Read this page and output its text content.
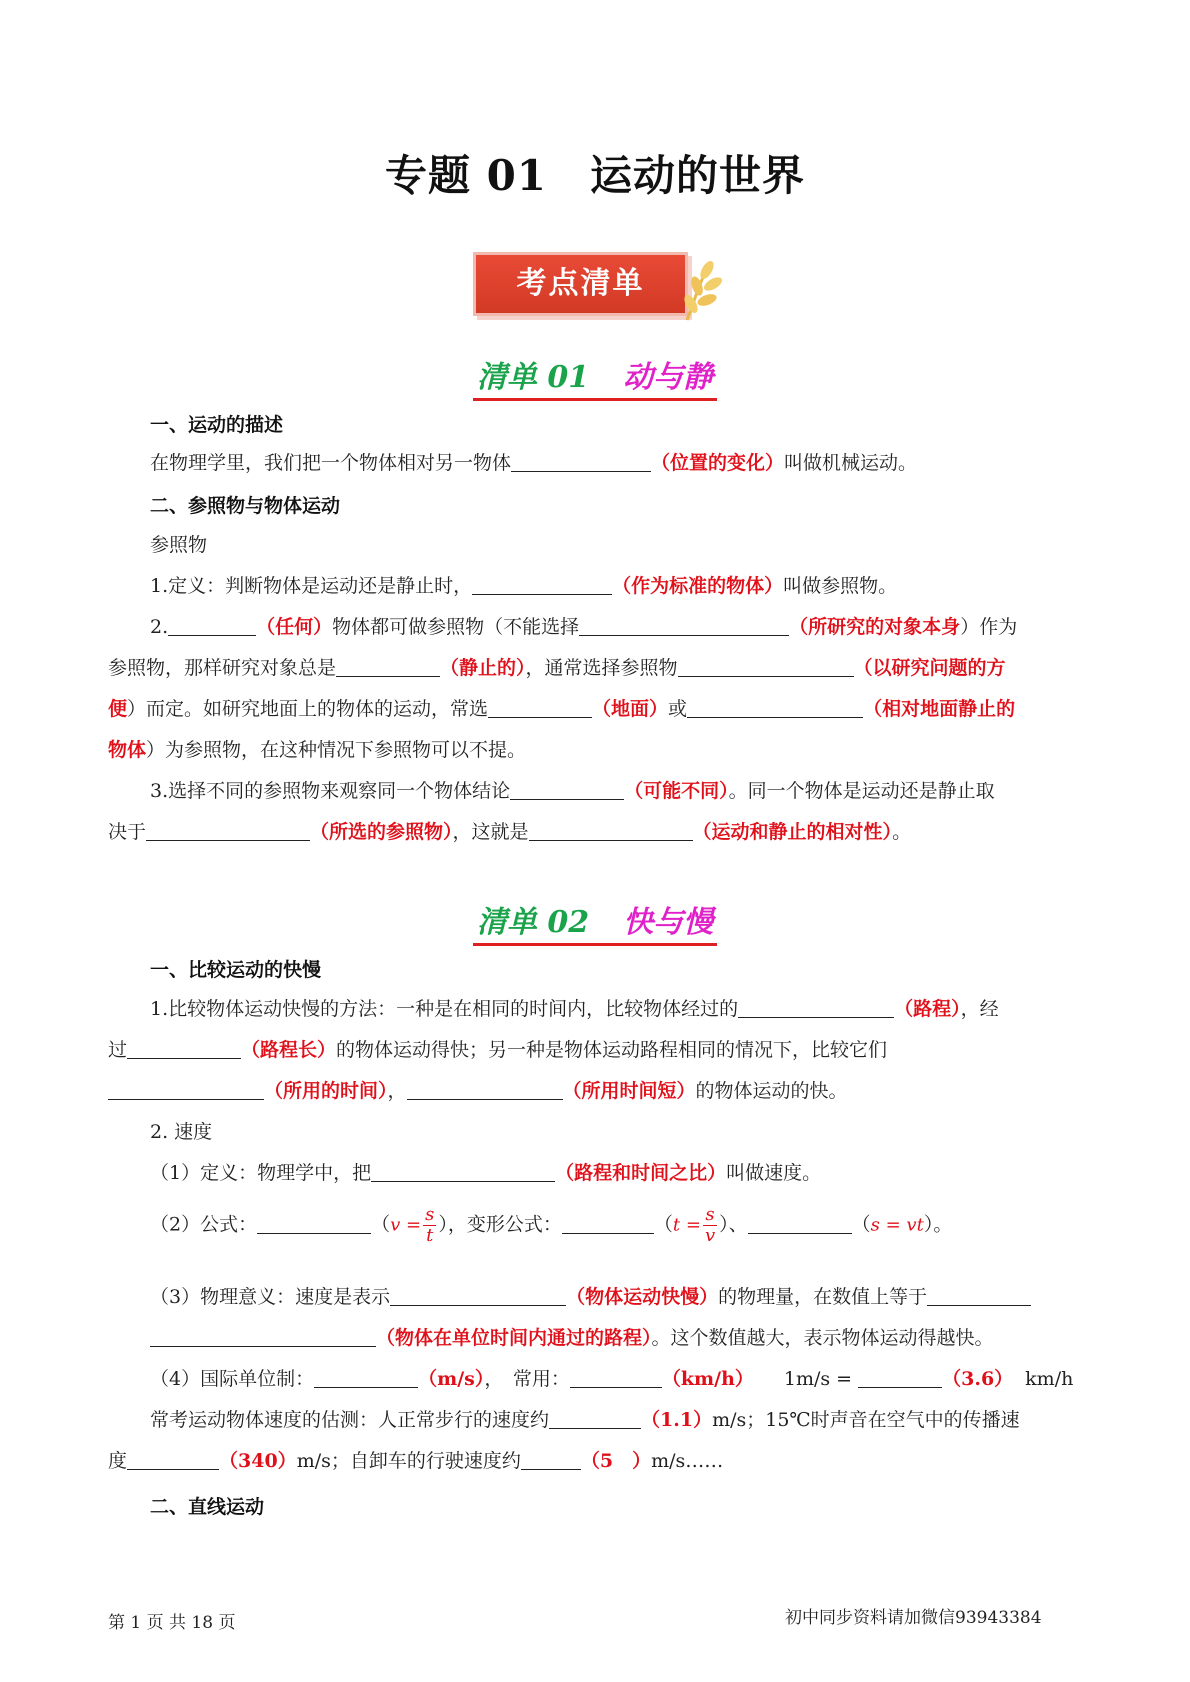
专题 01　运动的世界
考点清单
清单 01 动与静
一、运动的描述
在物理学里，我们把一个物体相对另一物体	（位置的变化）叫做机械运动。
二、参照物与物体运动
参照物
1.定义：判断物体是运动还是静止时，	（作为标准的物体）叫做参照物。
2.	（任何）物体都可做参照物（不能选择	（所研究的对象本身）作为
参照物，那样研究对象总是	（静止的），通常选择参照物	（以研究问题的方
便）而定。如研究地面上的物体的运动，常选	（地面）或	（相对地面静止的
物体）为参照物，在这种情况下参照物可以不提。
3.选择不同的参照物来观察同一个物体结论	（可能不同）。同一个物体是运动还是静止取
决于	（所选的参照物），这就是	（运动和静止的相对性）。
清单 02 快与慢
一、比较运动的快慢
1.比较物体运动快慢的方法：一种是在相同的时间内，比较物体经过的	（路程），经
过	（路程长）的物体运动得快；另一种是物体运动路程相同的情况下，比较它们
（所用的时间），	（所用时间短）的物体运动的快。
2. 速度
（1）定义：物理学中，把	（路程和时间之比）叫做速度。
（2）公式：	（$v = \frac{s}{t}$ ），变形公式：	（$t = \frac{s}{v}$ ）、	（s = vt）。
（3）物理意义：速度是表示	（物体运动快慢）的物理量，在数值上等于
（物体在单位时间内通过的路程）。这个数值越大，表示物体运动得越快。
（4）国际单位制：	（m/s），　常用：	（km/h） 1m/s =	（3.6） km/h
常考运动物体速度的估测：人正常步行的速度约	（1.1）m/s；15℃时声音在空气中的传播速
度	（340）m/s；自卸车的行驶速度约	（5　）m/s……
二、直线运动
第 1 页 共 18 页	初中同步资料请加微信93943384
